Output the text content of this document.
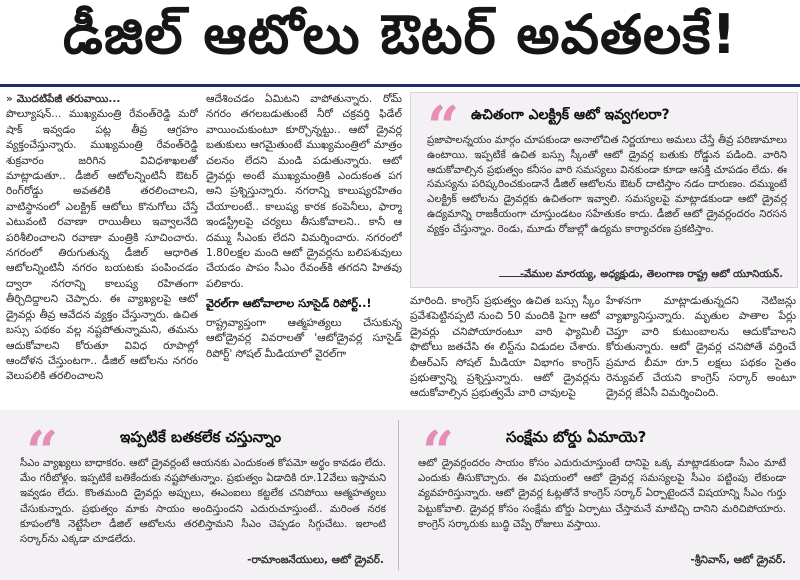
డీజిల్ ఆటోలు ఔటర్ అవతలకే!
“ ఉచితంగా ఎలక్ట్రిక్‌ ఆటో ఇవ్వగలరా?
ప్రజాపాలన్నయం మార్గం చూపకుండా అనాలోచిత నిర్ణయాలు అమలు చేస్తే తీవ్ర పరిణామాలు ఉంటాయి. ఇప్పటికే ఉచిత బస్సు స్కీంతో ఆటో డ్రైవర్ల బతుకు రోడ్డున పడింది. వారిని ఆదుకోవాల్సిన ప్రభుత్వం కనీసం వారి సమస్యలు వినకుండా కూడా ఆసక్తి చూపడం లేదు. ఈ సమస్యను పరిష్కరించకుండానే డీజిల్‌ ఆటోలను ఔటర్‌ దాటిస్తాం నడం దారుణం. దమ్ముంటే ఎలక్ట్రిక్‌ ఆటోలను డ్రైవర్లకు ఉచితంగా ఇవ్వాలి. సమస్యలపై మాట్లాడకుండా ఆటో డ్రైవర్ల ఉద్యమాన్ని రాజకీయంగా చూస్తుండటం సహేతుకం కాదు. డీజిల్‌ ఆటో డ్రైవర్లందరం నిరసన వ్యక్తం చేస్తున్నాం. రెండు, మూడు రోజుల్లో ఉద్యమ కార్యాచరణ ప్రకటిస్తాం.
-వేముల మారయ్య, అధ్యక్షుడు, తెలంగాణ రాష్ట్ర ఆటో యూనియన్‌.
» మొదటిపేజీ తరువాయి...

పొల్యూషన్‌... ముఖ్యమంత్రి రేవంత్‌రెడ్డి మరో షాక్‌ ఇవ్వడం పట్ల తీవ్ర ఆగ్రహం వ్యక్తంచేస్తున్నారు. ముఖ్యమంత్రి రేవంత్‌రెడ్డి శుక్రవారం జరిగిన వివిధశాఖలతో మాట్లాడుతూ.. డీజిల్‌ ఆటోలన్నింటినీ ఔటర్‌ రింగ్‌రోడ్డు అవతలికి తరలించాలని, వాటిస్థానంలో ఎలక్ట్రిక్‌ ఆటోలు కొనుగోలు చేస్తే ఎటువంటి రవాణా రాయితీలు ఇవ్వాలనేది పరిశీలించాలని రవాణా మంత్రికి సూచించారు. నగరంలో తిరుగుతున్న డీజిల్‌ ఆధారిత ఆటోలన్నింటినీ నగరం బయటకు పంపించడం ద్వారా నగరాన్ని కాలుష్య రహితంగా తీర్చిదిద్దాలని చెప్పారు. ఈ వ్యాఖ్యలపై ఆటో డ్రైవర్లు తీవ్ర ఆవేదన వ్యక్తం చేస్తున్నారు. ఉచిత బస్సు పథకం వల్ల నష్టపోతున్నామని, తమను ఆదుకోవాలని కోరుతూ వివిధ రూపాల్లో ఆందోళన చేస్తుంటగా.. డీజిల్‌ ఆటోలను నగరం వెలుపలికి తరలించాలని

ఆదేశించడం ఏమిటని వాపోతున్నారు. రోమ్‌ నగరం తగలబడుతుంటే నీరో చక్రవర్తి ఫిడేల్‌ వాయించుకుంటూ కూర్చొన్నట్టు.. ఆటో డ్రైవర్ల బతుకులు ఆగమైతుంటే ముఖ్యమంత్రిలో మాత్రం చలనం లేదని మండి పడుతున్నారు. ఆటో డ్రైవర్లు అంటే ముఖ్యమంత్రికి ఎందుకంత పగ అని ప్రశ్నిస్తున్నారు. నగరాన్ని కాలుష్యరహితం చేయాలంటే.. కాలుష్య కారక కంపెనీలు, ఫార్మా ఇండస్ట్రీలపై చర్యలు తీసుకోవాలని.. కానీ ఆ దమ్ము సీఎంకు లేదని విమర్శించారు. నగరంలో 1.80లక్షల మంది ఆటో డ్రైవర్లను బలిపశువులు చేయడం పాపం సీఎం రేవంత్‌కి తగదని హితవు పలికారు.

వైరల్‌గా ఆటోవాలాల సూసైడ్‌ రిపోర్ట్‌..!

రాష్ట్రవ్యాప్తంగా ఆత్మహత్యలు చేసుకున్న ఆటోడ్రైవర్ల వివరాలతో 'ఆటోడ్రైవర్ల సూసైడ్‌ రిపోర్ట్‌' సోషల్‌ మీడియాలో వైరల్‌గా

మారింది. కాంగ్రెస్‌ ప్రభుత్వం ఉచిత బస్సు స్కీం ప్రవేశపెట్టినప్పటి నుంచి 50 మందికి పైగా ఆటో డ్రైవర్లు చనిపోయారంటూ వారి ఫ్యామిలీ ఫొటోలు జతచేసి ఈ లిస్ట్‌ను విడుదల చేశారు. బీఆర్‌ఎస్‌ సోషల్‌ మీడియా విభాగం కాంగ్రెస్‌ ప్రభుత్వాన్ని ప్రశ్నిస్తున్నారు. ఆటో డ్రైవర్లను ఆదుకోవాల్సిన ప్రభుత్వమే వారి చావులపై

హేళనగా మాట్లాడుతున్నదని నెటిజన్లు వ్యాఖ్యానిస్తున్నారు. మృతుల పాతాల పేర్లు చెప్తూ వారి కుటుంబాలను ఆదుకోవాలని కోరుతున్నారు. ఆటో డ్రైవర్ల చనిపోతే వర్తించే ప్రమాద బీమా రూ.5 లక్షలు పథకం సైతం రెన్యువల్‌ చేయని కాంగ్రెస్‌ సర్కార్‌ అంటూ డ్రైవర్ల జేఏసీ విమర్శించింది.

“	ఇప్పటికే బతకలేక చస్తున్నాం
సీఎం వ్యాఖ్యలు బాధాకరం. ఆటో డ్రైవర్లంటే ఆయనకు ఎందుకంత కోపమో అర్థం కావడం లేదు. మేం గరీబోళ్లం. ఇప్పటికే బతికేందుకు నష్టపోతున్నాం. ప్రభుత్వం ఏడాదికి రూ.12వేలు ఇస్తామని ఇవ్వడం లేదు. కొంతమంది డ్రైవర్లు అప్పులు, ఈఎంఐలు కట్టలేక చనిపోయి ఆత్మహత్యలు చేసుకున్నారు. ప్రభుత్వం మాకు సాయం అందిస్తుందని ఎదురుచూస్తుంటే.. మరింత నరక కూపంలోకి నెట్టేసేలా డీజిల్‌ ఆటోలను తరలిస్తామని సీఎం చెప్పడం సిగ్గుచేటు. ఇలాంటి సర్కార్‌ను ఎక్కడా చూడలేదు.
-రామాంజనేయులు, ఆటో డ్రైవర్‌.
“	సంక్షేమ బోర్డు ఏమాయె?
ఆటో డ్రైవర్లందరం సాయం కోసం ఎదురుచూస్తుంటే దానిపై ఒక్క మాట్లాడకుండా సీఎం మాటే ఎందుకు తీసుకొచ్చారు. ఈ విషయంలో ఆటో డ్రైవర్ల సమస్యలపై సీఎం పట్టింపు లేకుండా వ్యవహరిస్తున్నారు. ఆటో డ్రైవర్ల ఓట్లతోనే కాంగ్రెస్‌ సర్కార్‌ ఏర్పాటైందనే విషయాన్ని సీఎం గుర్తు పెట్టుకోవాలి. డ్రైవర్ల కోసం సంక్షేమ బోర్డు ఏర్పాటు చేస్తామనే మాటిచ్చి దానిని మరిచిపోయారు. కాంగ్రెస్‌ సర్కారుకు బుద్ధి చెప్పే రోజులు వస్తాయి.
-శ్రీనివాస్‌, ఆటో డ్రైవర్‌.
